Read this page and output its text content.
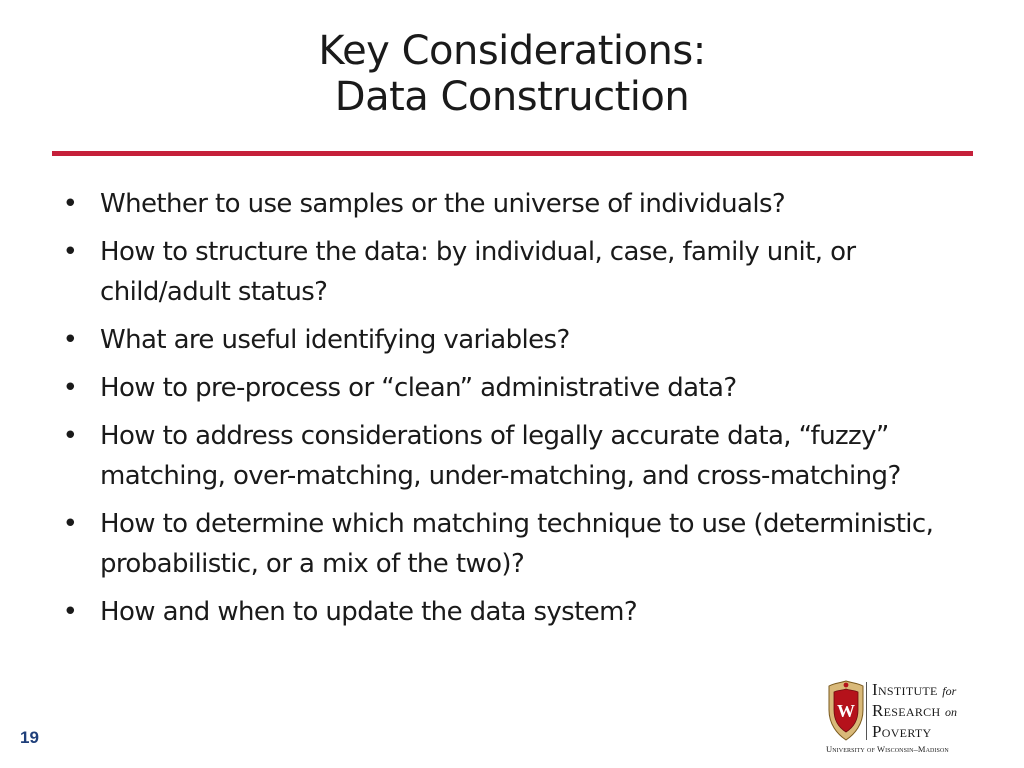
Key Considerations:
Data Construction
• Whether to use samples or the universe of individuals?
• How to structure the data: by individual, case, family unit, or child/adult status?
• What are useful identifying variables?
• How to pre-process or “clean” administrative data?
• How to address considerations of legally accurate data, “fuzzy” matching, over-matching, under-matching, and cross-matching?
• How to determine which matching technique to use (deterministic, probabilistic, or a mix of the two)?
• How and when to update the data system?
19
W
Institute for
Research on
Poverty
University of Wisconsin–Madison
